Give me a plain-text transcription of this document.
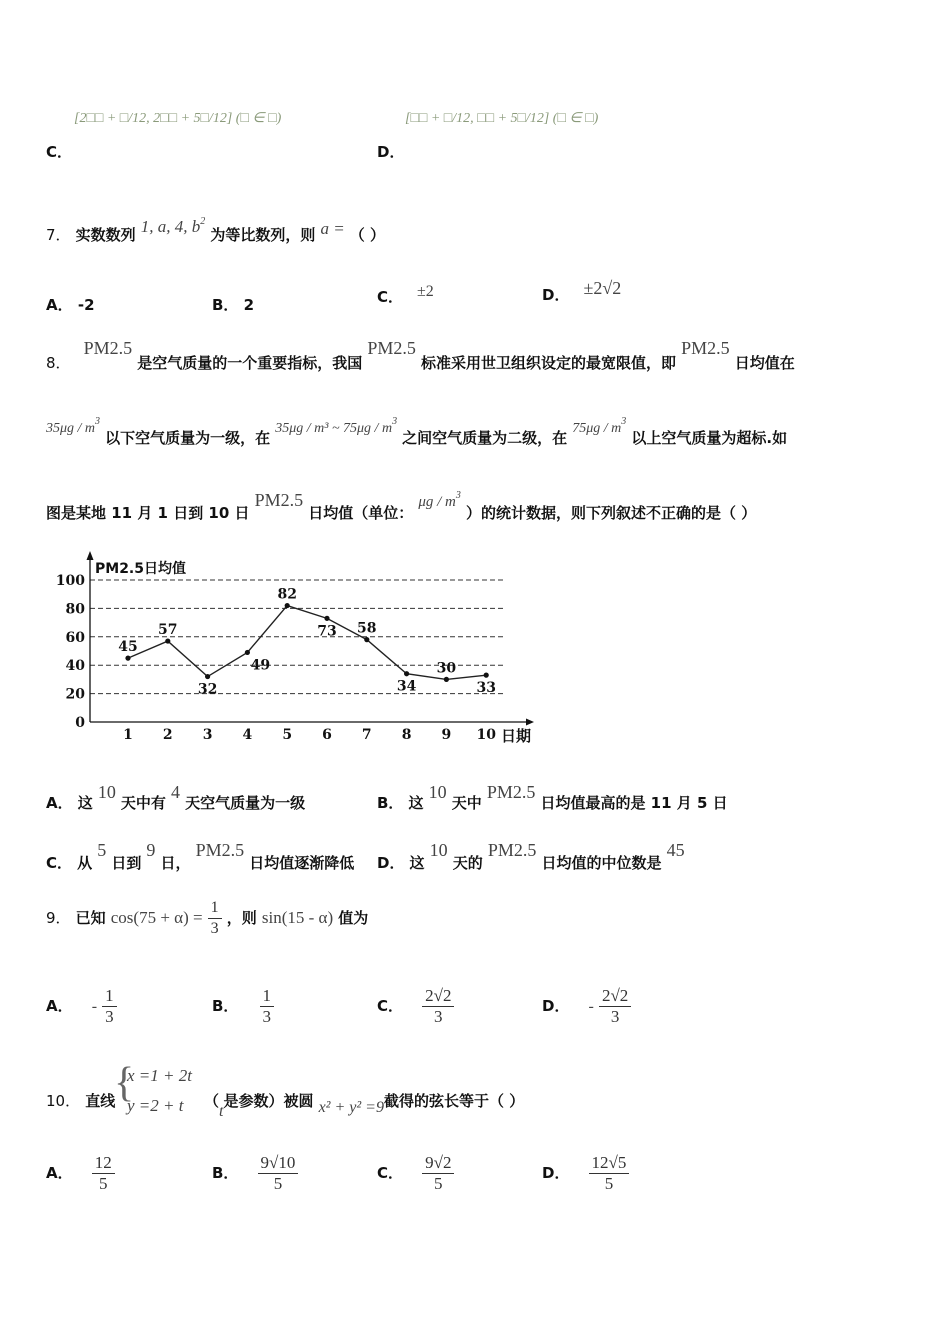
[2□□ + □/12, 2□□ + 5□/12] (□ ∈ □)
C．
[□□ + □/12, □□ + 5□/12] (□ ∈ □)
D．
7． 实数数列 1, a, 4, $b^2$ 为等比数列，则 a = （ ）
A． -2	B． 2	C． ±2	D． ±2√2
8． PM2.5 是空气质量的一个重要指标，我国 PM2.5 标准采用世卫组织设定的最宽限值，即 PM2.5 日均值在
$35\mu g / m^3$ 以下空气质量为一级，在 35μg / m³ ~ $75\mu g / m^3$ 之间空气质量为二级，在 $75\mu g / m^3$ 以上空气质量为超标.如
图是某地 11 月 1 日到 10 日 PM2.5 日均值（单位： μg / $m^3$ ）的统计数据，则下列叙述不正确的是（ ）
PM2.5日均值
0
20
40
60
80
100
1 2 3 4 5 6 7 8 9 10 日期
45
57
32
49
82
73 58
34
30
33
A． 这 10 天中有 4 天空气质量为一级	B． 这 10 天中 PM2.5 日均值最高的是 11 月 5 日
C． 从 5 日到 9 日， PM2.5 日均值逐渐降低 D． 这 10 天的 PM2.5 日均值的中位数是 45
9． 已知 $\cos(75 + \alpha) = \frac{1}{3}$ ，则 sin(15 - α) 值为
A． - $\frac{1}{3}$	B． $\frac{1}{3}$	C． $\frac{2√2}{3}$	D． - $\frac{2√2}{3}$
10． 直线
{
x =1 + 2t
y =2 + t （t是参数）被圆 x² + y² =9截得的弦长等于（ ）
A． $\frac{12}{5}$	B． $\frac{9√10}{5}$	C． $\frac{9√2}{5}$	D． $\frac{12√5}{5}$
